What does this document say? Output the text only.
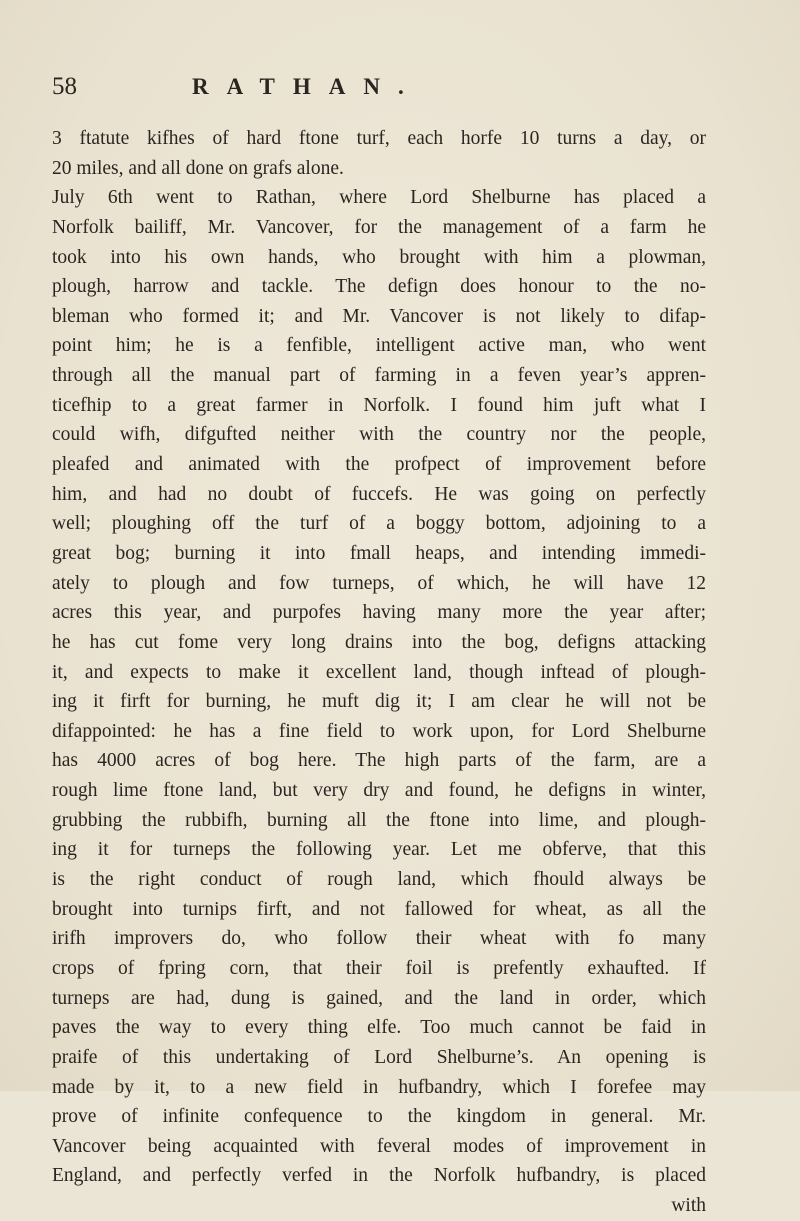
58	RATHAN.
3 ftatute kifhes of hard ftone turf, each horfe 10 turns a day, or
20 miles, and all done on grafs alone.
July 6th went to Rathan, where Lord Shelburne has placed a
Norfolk bailiff, Mr. Vancover, for the management of a farm he
took into his own hands, who brought with him a plowman,
plough, harrow and tackle. The defign does honour to the no-
bleman who formed it; and Mr. Vancover is not likely to difap-
point him; he is a fenfible, intelligent active man, who went
through all the manual part of farming in a feven year’s appren-
ticefhip to a great farmer in Norfolk. I found him juft what I
could wifh, difgufted neither with the country nor the people,
pleafed and animated with the profpect of improvement before
him, and had no doubt of fuccefs. He was going on perfectly
well; ploughing off the turf of a boggy bottom, adjoining to a
great bog; burning it into fmall heaps, and intending immedi-
ately to plough and fow turneps, of which, he will have 12
acres this year, and purpofes having many more the year after;
he has cut fome very long drains into the bog, defigns attacking
it, and expects to make it excellent land, though inftead of plough-
ing it firft for burning, he muft dig it; I am clear he will not be
difappointed: he has a fine field to work upon, for Lord Shelburne
has 4000 acres of bog here. The high parts of the farm, are a
rough lime ftone land, but very dry and found, he defigns in winter,
grubbing the rubbifh, burning all the ftone into lime, and plough-
ing it for turneps the following year. Let me obferve, that this
is the right conduct of rough land, which fhould always be
brought into turnips firft, and not fallowed for wheat, as all the
irifh improvers do, who follow their wheat with fo many
crops of fpring corn, that their foil is prefently exhaufted. If
turneps are had, dung is gained, and the land in order, which
paves the way to every thing elfe. Too much cannot be faid in
praife of this undertaking of Lord Shelburne’s. An opening is
made by it, to a new field in hufbandry, which I forefee may
prove of infinite confequence to the kingdom in general. Mr.
Vancover being acquainted with feveral modes of improvement in
England, and perfectly verfed in the Norfolk hufbandry, is placed
with
